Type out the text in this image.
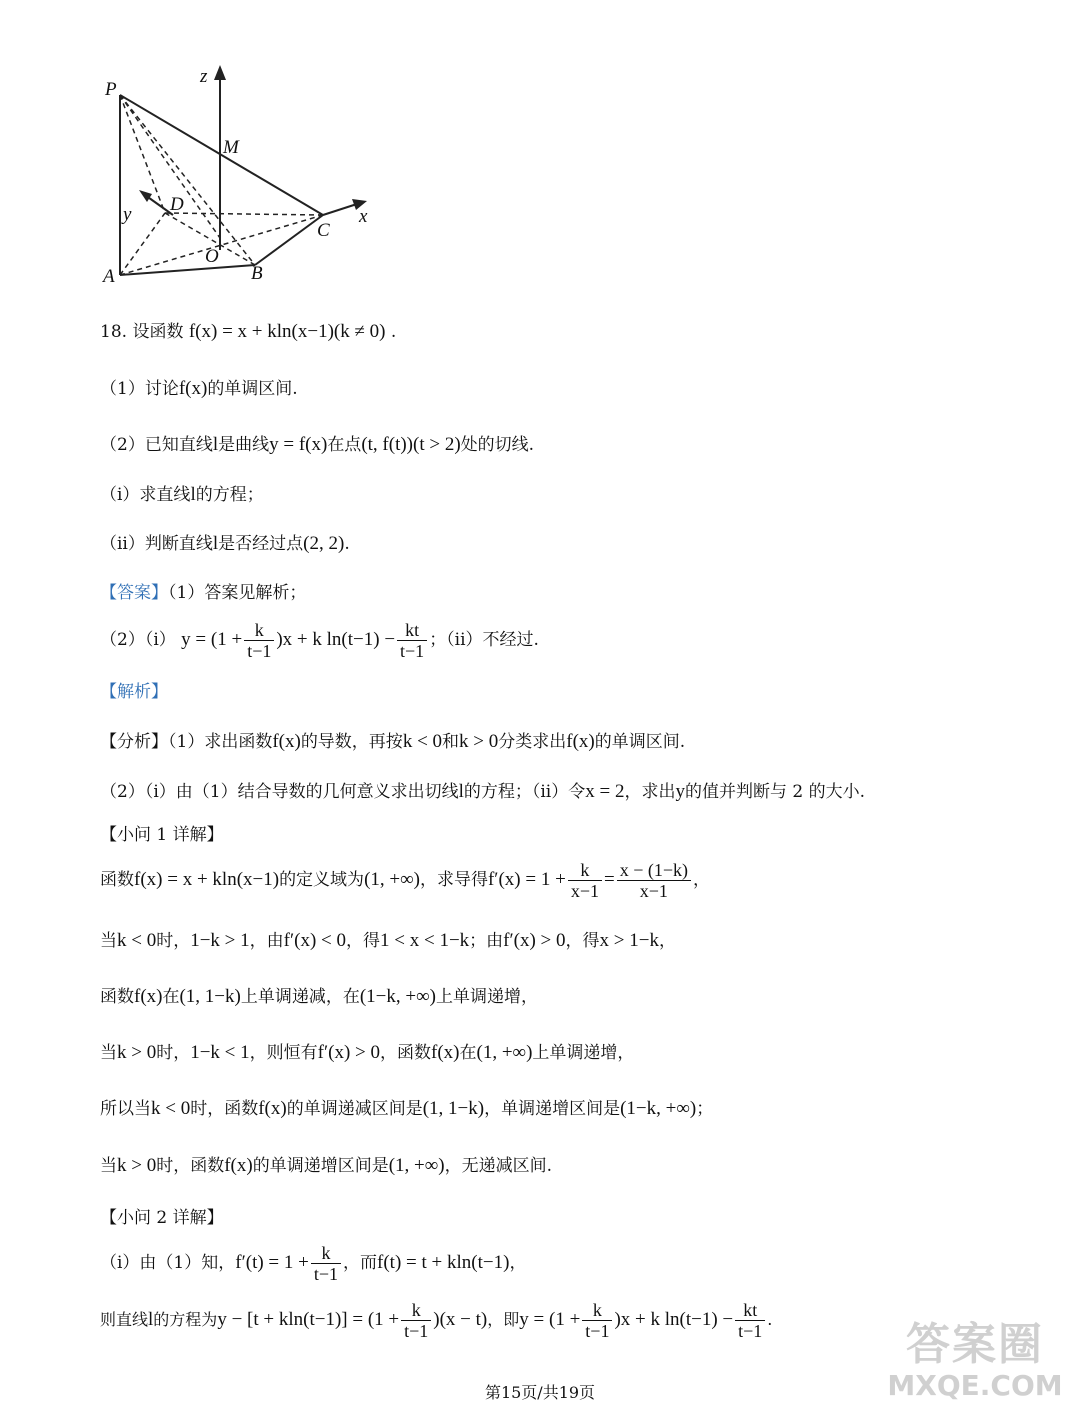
P
z
M
D
y	x
C
O
A	B
18. 设函数 f(x) = x + kln(x−1)(k ≠ 0) .
（1）讨论f(x)的单调区间.
（2）已知直线l是曲线y = f(x)在点(t, f(t))(t > 2)处的切线.
（i）求直线l的方程；
（ii）判断直线l是否经过点(2, 2).
【答案】（1）答案见解析；
（2）（i） $y = (1 + \frac{k}{t-1} )x + k$ $\ln(t-1) - \frac{kt}{t-1}$ ；（ii）不经过.
【解析】
【分析】（1）求出函数f(x)的导数，再按k < 0和k > 0分类求出f(x)的单调区间.
（2）（i）由（1）结合导数的几何意义求出切线l的方程；（ii）令x = 2，求出y的值并判断与 2 的大小.
【小问 1 详解】
函数f(x) = x + kln(x−1)的定义域为(1, +∞)，求导得$f'(x) = 1 + \frac{k}{x-1} = \frac{x - (1-k)}{x-1}$ ，
当k < 0时，1−k > 1，由f′(x) < 0，得1 < x < 1−k；由f′(x) > 0，得x > 1−k，
函数f(x)在(1, 1−k)上单调递减，在(1−k, +∞)上单调递增，
当k > 0时，1−k < 1，则恒有f′(x) > 0，函数f(x)在(1, +∞)上单调递增，
所以当k < 0时，函数f(x)的单调递减区间是(1, 1−k)，单调递增区间是(1−k, +∞)；
当k > 0时，函数f(x)的单调递增区间是(1, +∞)，无递减区间.
【小问 2 详解】
（i）由（1）知，$f'(t) = 1 + \frac{k}{t-1}$ ，而f(t) = t + kln(t−1)，
则直线l的方程为$y - [t + kln(t-1)] = (1 + \frac{k}{t-1} )(x - t)$，即$y = (1 + \frac{k}{t-1} )x + k$ $\ln(t-1) - \frac{kt}{t-1}$ .
第15页/共19页
答案圈
MXQE.COM
